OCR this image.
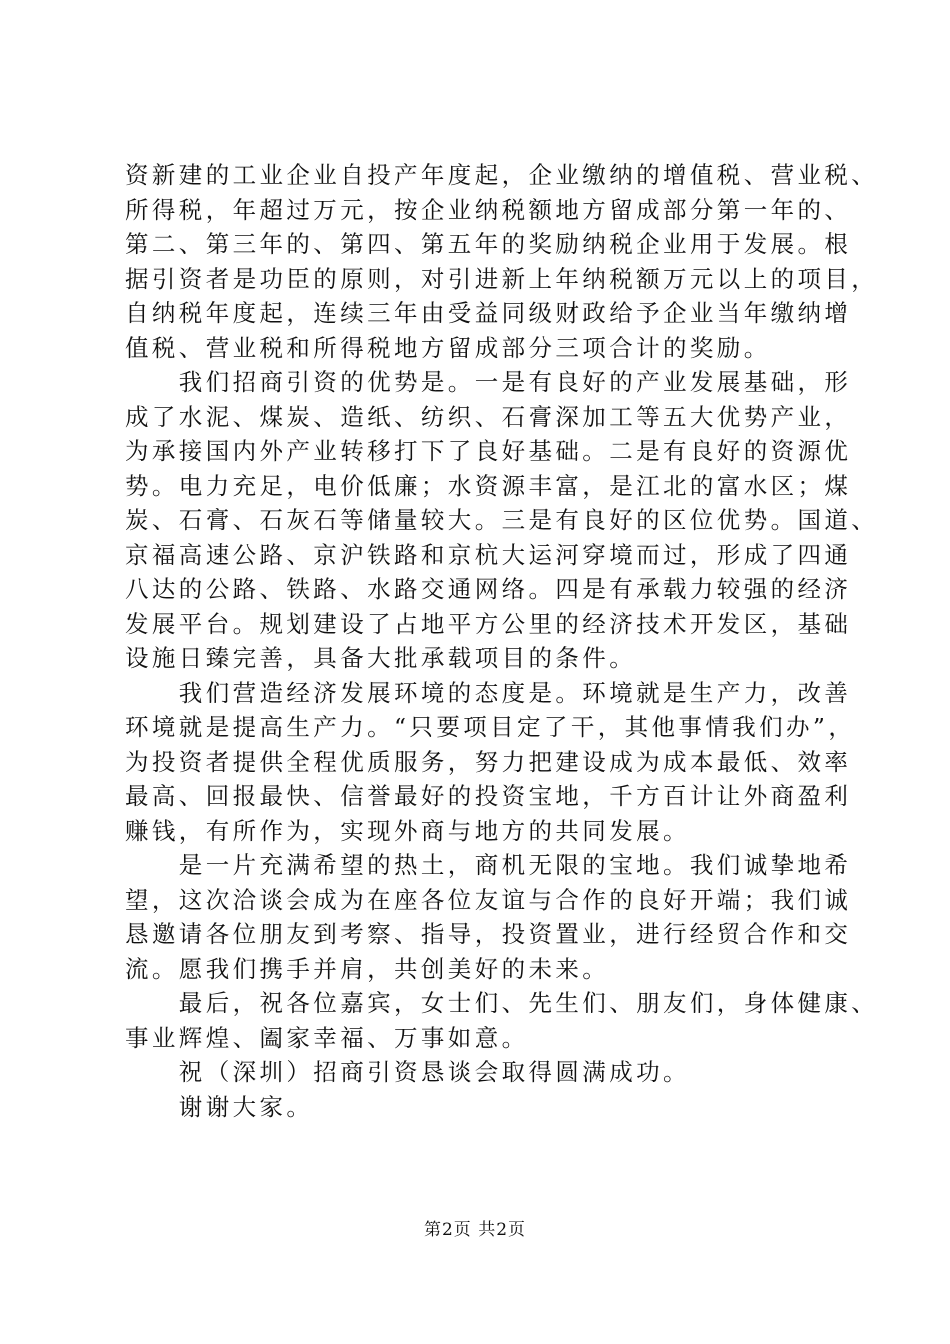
资新建的工业企业自投产年度起，企业缴纳的增值税、营业税、
所得税，年超过万元，按企业纳税额地方留成部分第一年的、
第二、第三年的、第四、第五年的奖励纳税企业用于发展。根
据引资者是功臣的原则，对引进新上年纳税额万元以上的项目，
自纳税年度起，连续三年由受益同级财政给予企业当年缴纳增
值税、营业税和所得税地方留成部分三项合计的奖励。
　　我们招商引资的优势是。一是有良好的产业发展基础，形
成了水泥、煤炭、造纸、纺织、石膏深加工等五大优势产业，
为承接国内外产业转移打下了良好基础。二是有良好的资源优
势。电力充足，电价低廉；水资源丰富，是江北的富水区；煤
炭、石膏、石灰石等储量较大。三是有良好的区位优势。国道、
京福高速公路、京沪铁路和京杭大运河穿境而过，形成了四通
八达的公路、铁路、水路交通网络。四是有承载力较强的经济
发展平台。规划建设了占地平方公里的经济技术开发区，基础
设施日臻完善，具备大批承载项目的条件。
　　我们营造经济发展环境的态度是。环境就是生产力，改善
环境就是提高生产力。“只要项目定了干，其他事情我们办”，
为投资者提供全程优质服务，努力把建设成为成本最低、效率
最高、回报最快、信誉最好的投资宝地，千方百计让外商盈利
赚钱，有所作为，实现外商与地方的共同发展。
　　是一片充满希望的热土，商机无限的宝地。我们诚挚地希
望，这次洽谈会成为在座各位友谊与合作的良好开端；我们诚
恳邀请各位朋友到考察、指导，投资置业，进行经贸合作和交
流。愿我们携手并肩，共创美好的未来。
　　最后，祝各位嘉宾，女士们、先生们、朋友们，身体健康、
事业辉煌、阖家幸福、万事如意。
　　祝（深圳）招商引资恳谈会取得圆满成功。
　　谢谢大家。
第2页 共2页
